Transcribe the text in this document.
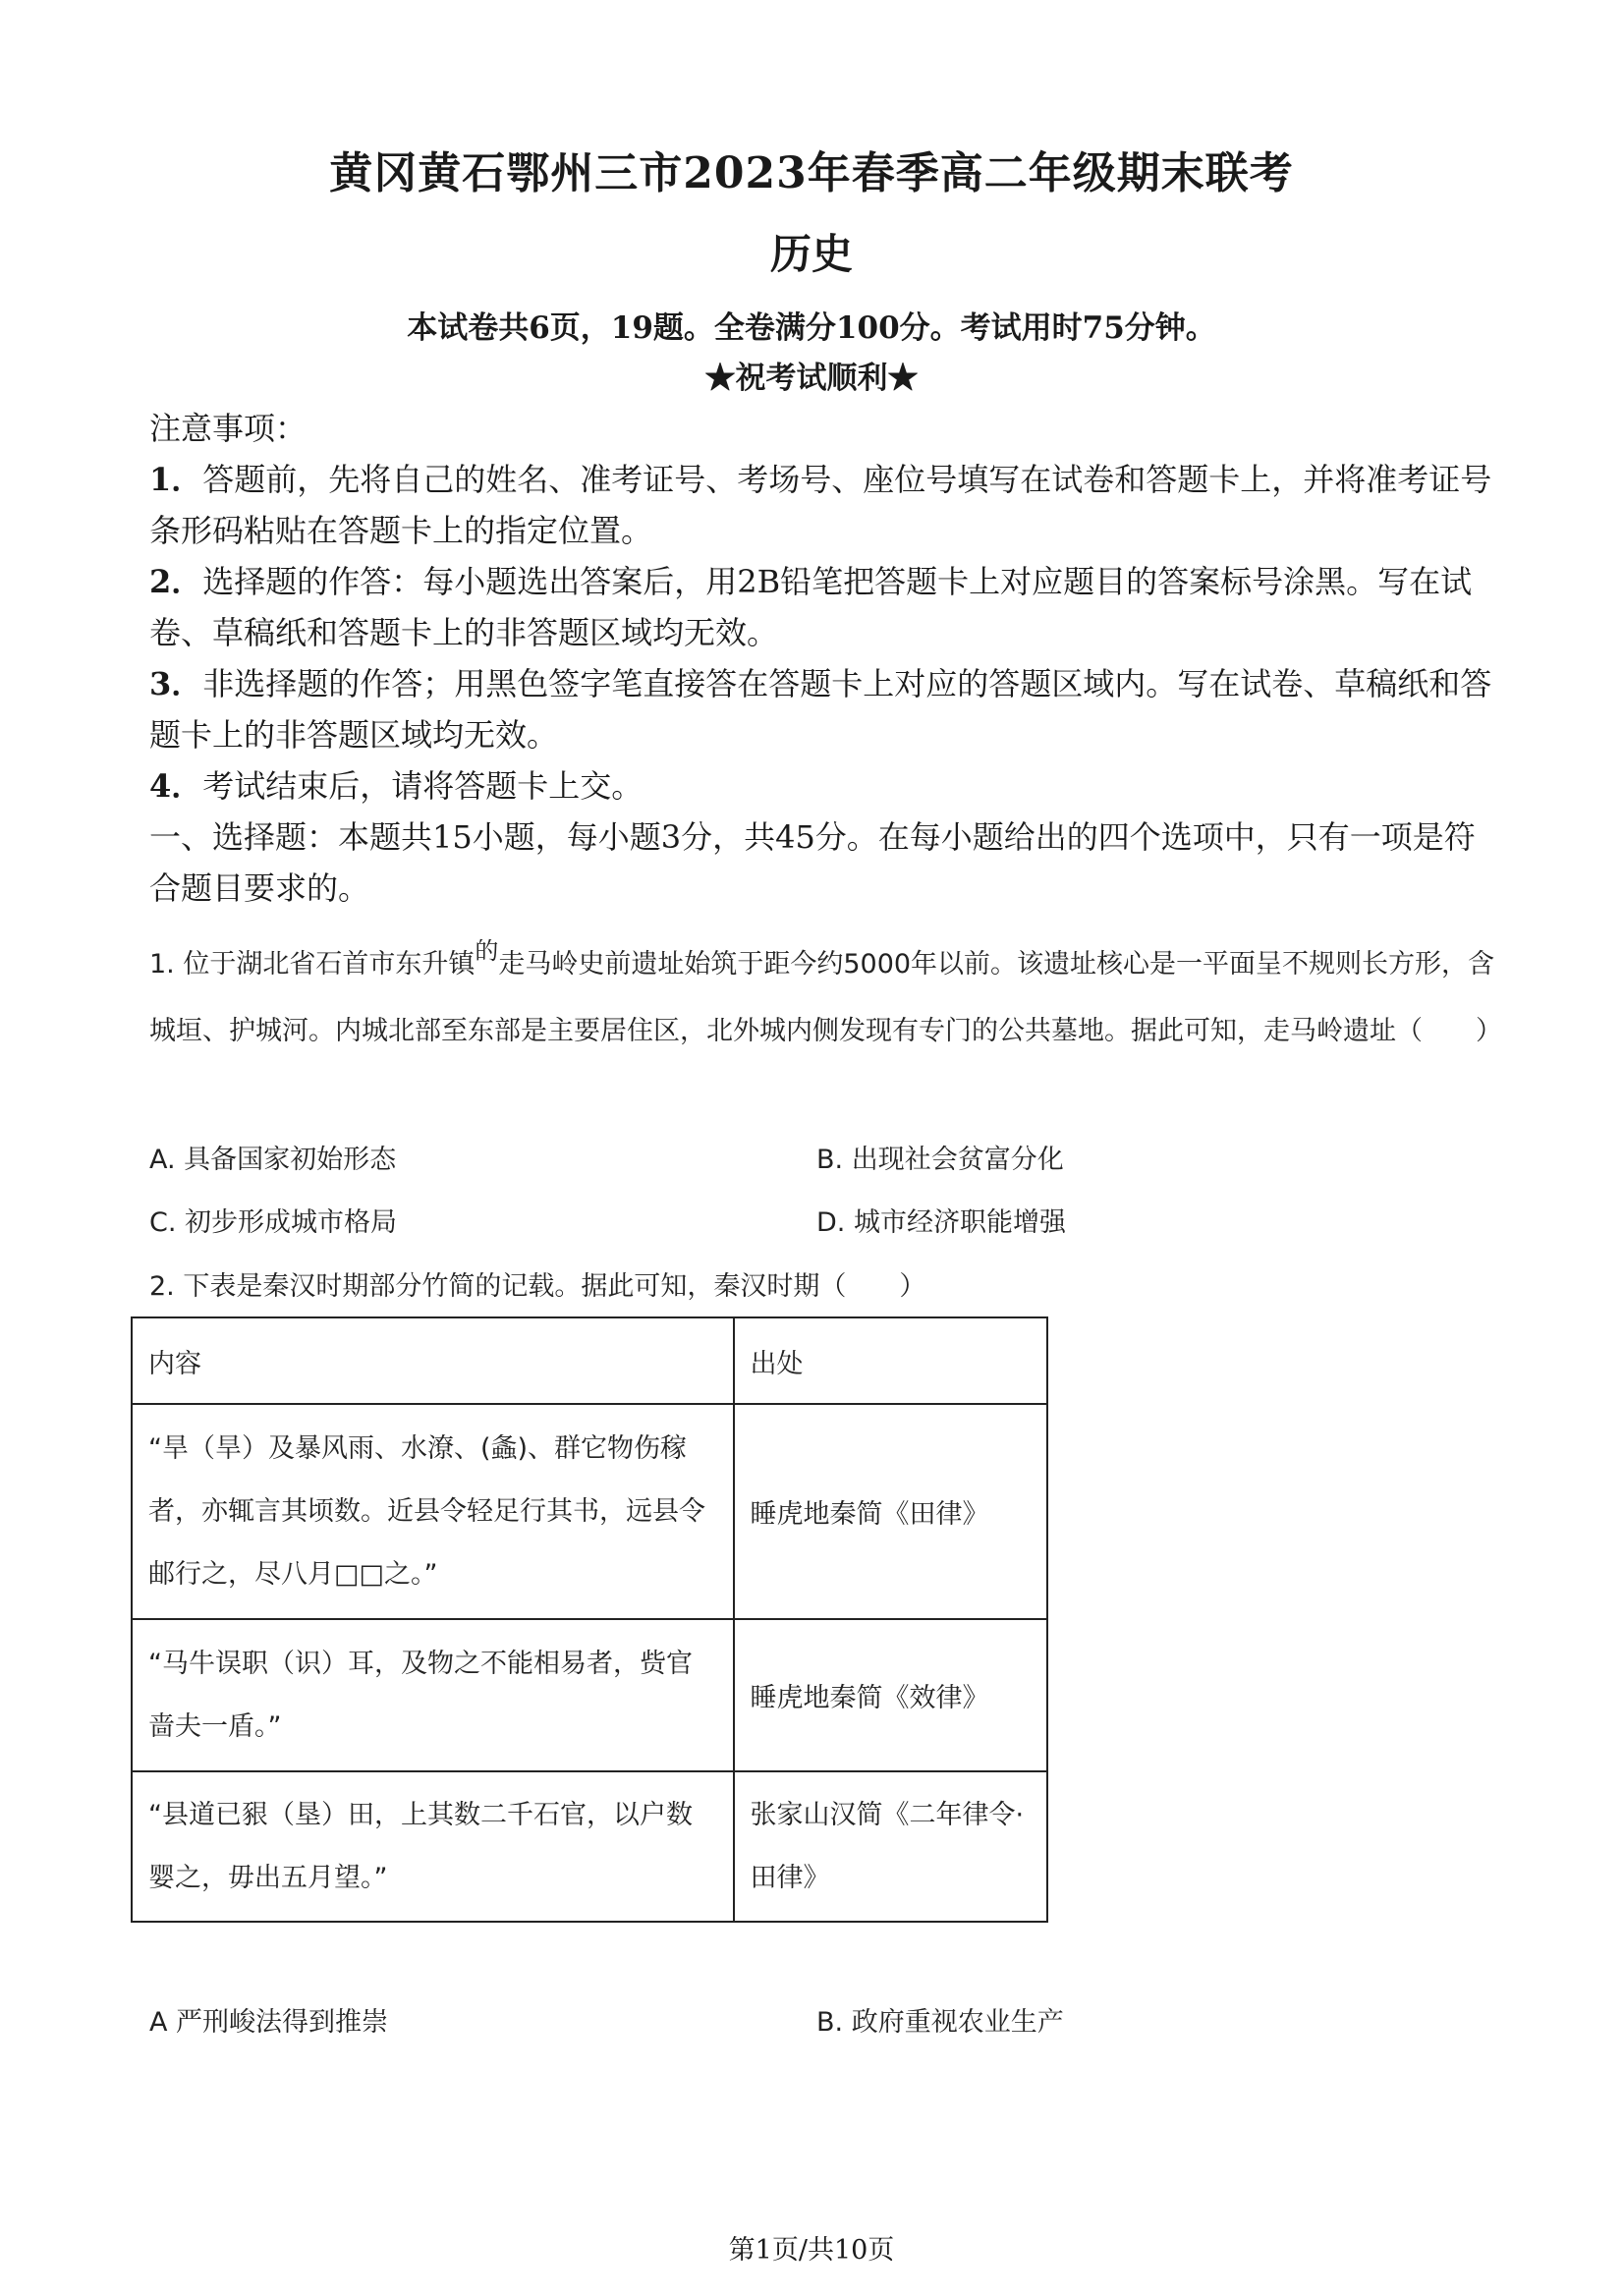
黄冈黄石鄂州三市2023年春季高二年级期末联考
历史
本试卷共6页，19题。全卷满分100分。考试用时75分钟。
★祝考试顺利★

注意事项：

1．答题前，先将自己的姓名、准考证号、考场号、座位号填写在试卷和答题卡上，并将准考证号条形码粘贴在答题卡上的指定位置。

2．选择题的作答：每小题选出答案后，用2B铅笔把答题卡上对应题目的答案标号涂黑。写在试卷、草稿纸和答题卡上的非答题区域均无效。

3．非选择题的作答；用黑色签字笔直接答在答题卡上对应的答题区域内。写在试卷、草稿纸和答题卡上的非答题区域均无效。

4．考试结束后，请将答题卡上交。

一、选择题：本题共15小题，每小题3分，共45分。在每小题给出的四个选项中，只有一项是符合题目要求的。

1. 位于湖北省石首市东升镇的走马岭史前遗址始筑于距今约5000年以前。该遗址核心是一平面呈不规则长方形，含城垣、护城河。内城北部至东部是主要居住区，北外城内侧发现有专门的公共墓地。据此可知，走马岭遗址（　　）
A. 具备国家初始形态	B. 出现社会贫富分化
C. 初步形成城市格局	D. 城市经济职能增强
2. 下表是秦汉时期部分竹简的记载。据此可知，秦汉时期（　　）
内容	出处
“旱（旱）及暴风雨、水潦、(螽)、群它物伤稼者，亦辄言其顷数。近县令轻足行其书，远县令邮行之，尽八月□□之。”	睡虎地秦简《田律》
“马牛误职（识）耳，及物之不能相易者，赀官啬夫一盾。”	睡虎地秦简《效律》
“县道已豤（垦）田，上其数二千石官，以户数婴之，毋出五月望。”	张家山汉简《二年律令·田律》
A 严刑峻法得到推崇	B. 政府重视农业生产
第1页/共10页
